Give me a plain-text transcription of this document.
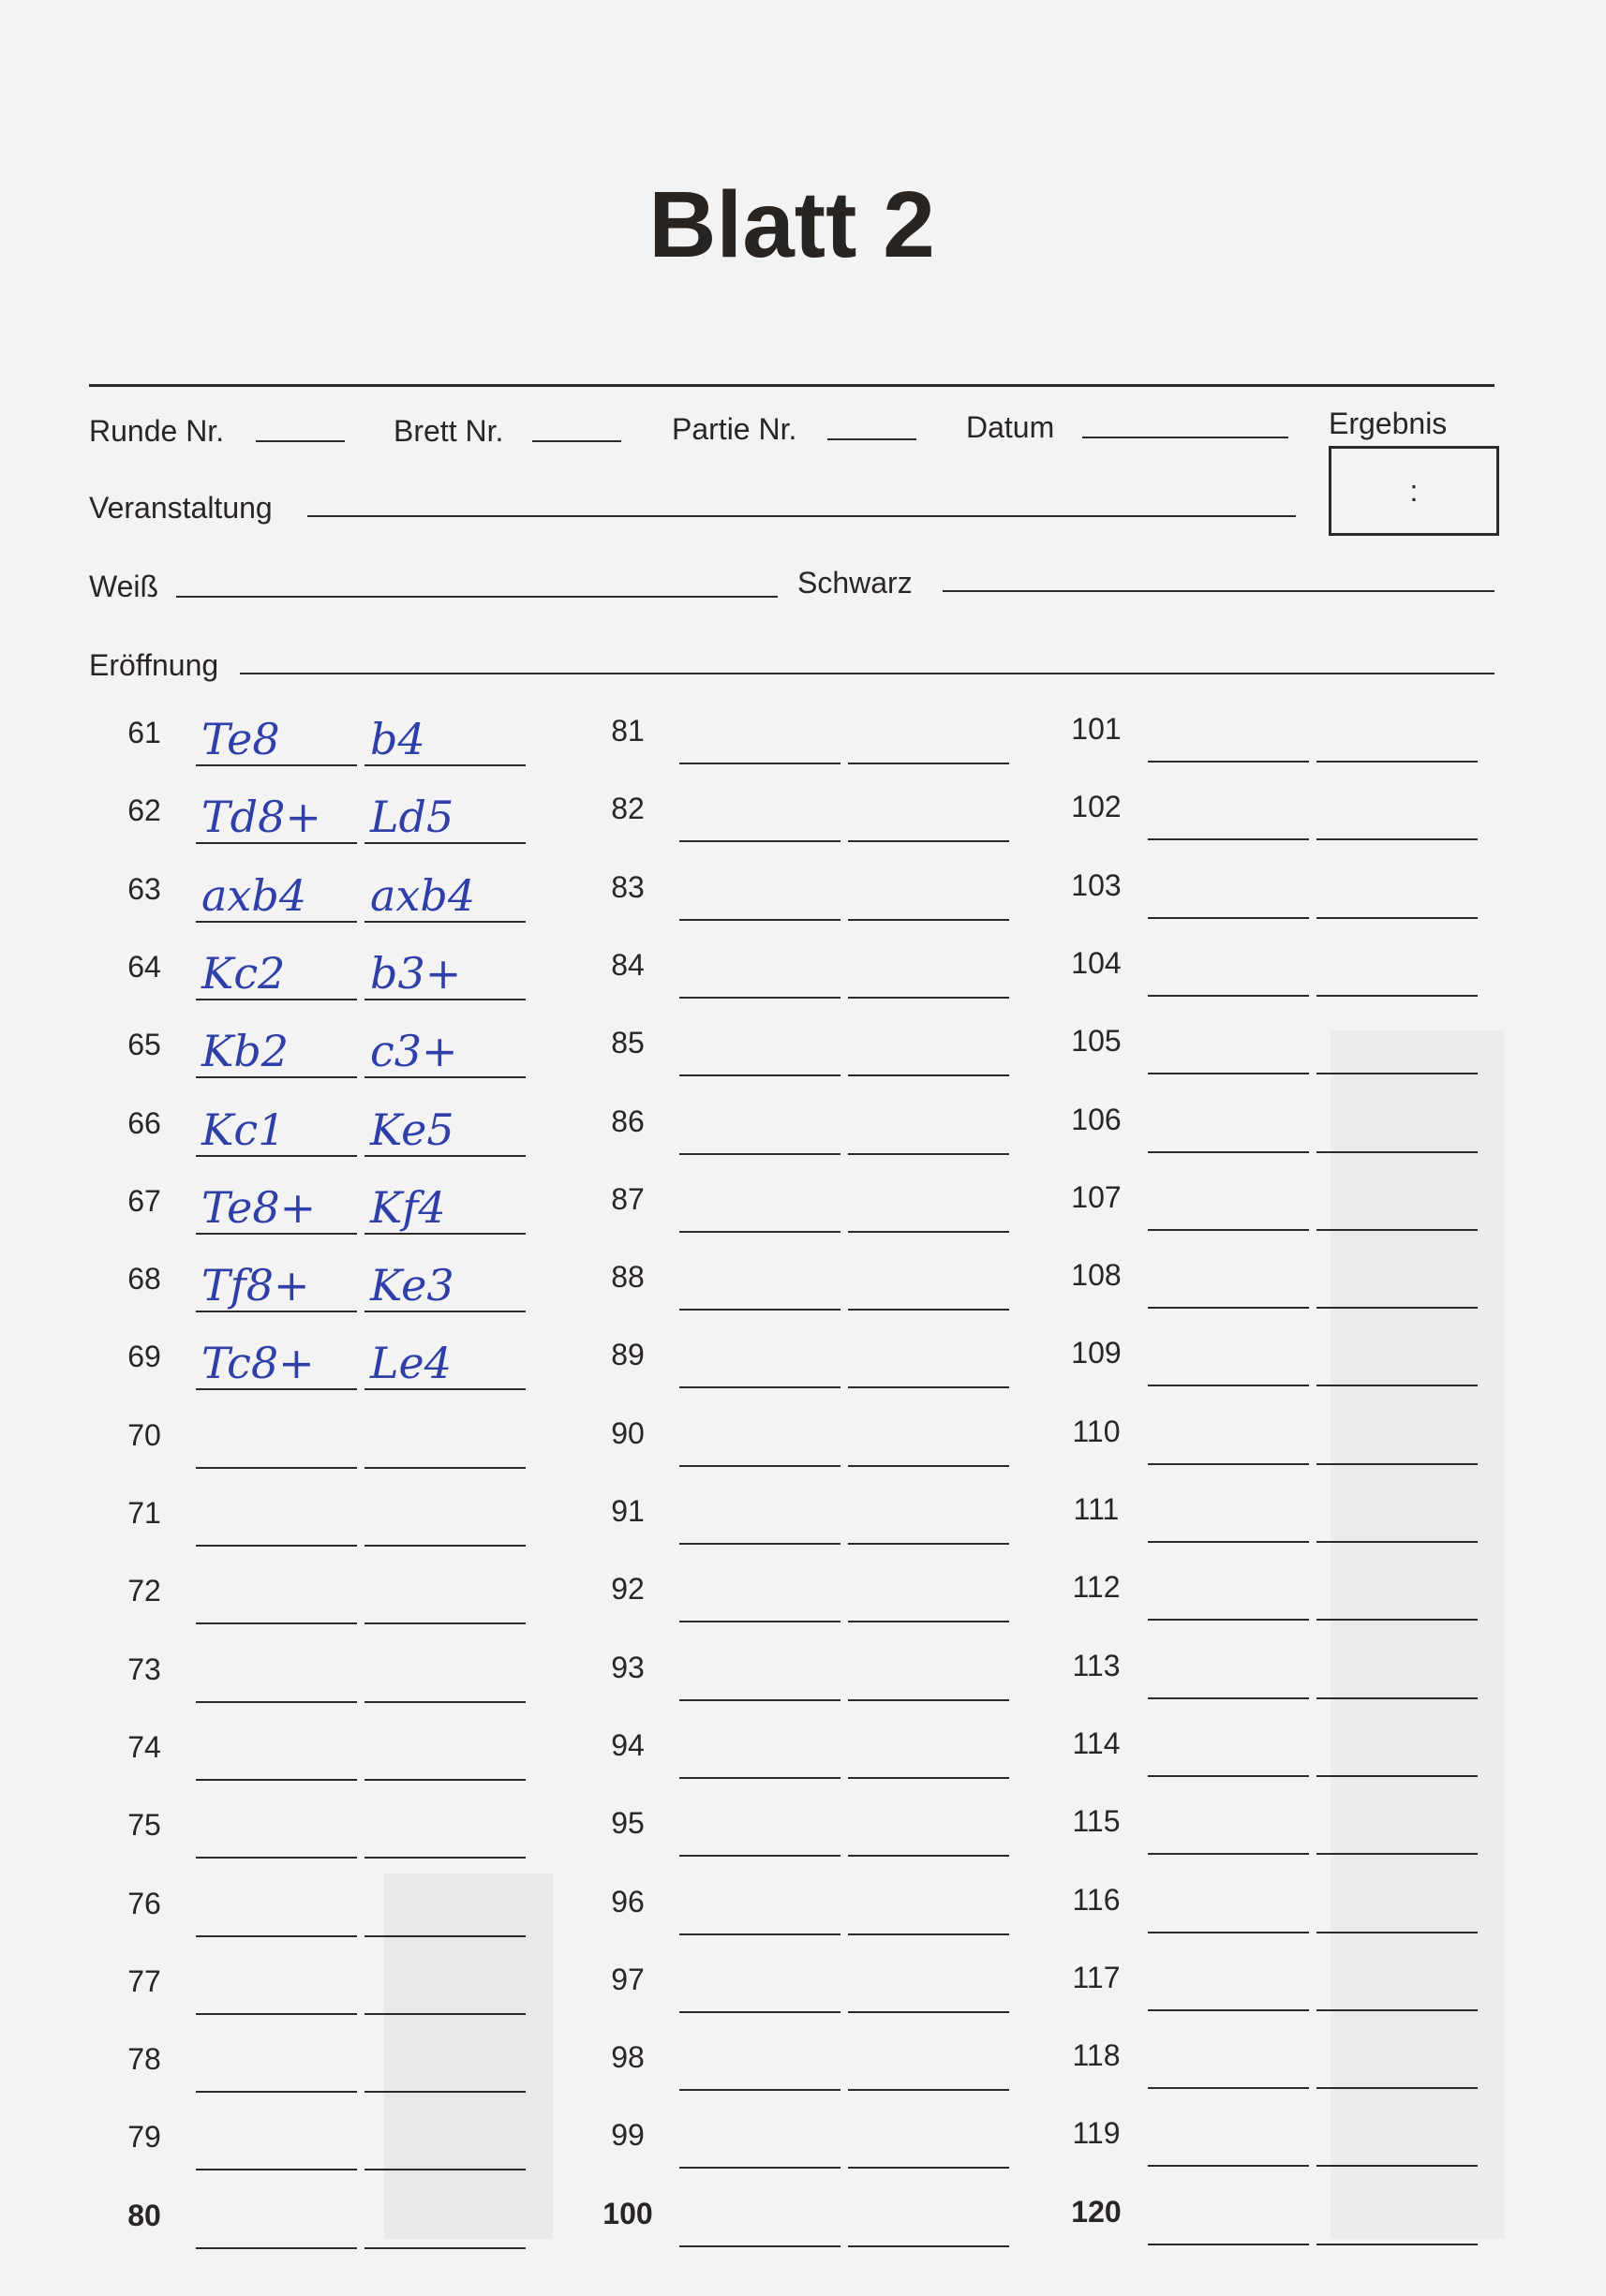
Blatt 2
Runde Nr.	Brett Nr.	Partie Nr.	Datum	Ergebnis
:
Veranstaltung
Weiß	Schwarz
Eröffnung
61 Te8 b4
62 Td8+ Ld5
63 axb4 axb4
64 Kc2 b3+
65 Kb2 c3+
66 Kc1 Ke5
67 Te8+ Kf4
68 Tf8+ Ke3
69 Tc8+ Le4
70
71
72
73
74
75
76
77
78
79
80
81
82
83
84
85
86
87
88
89
90
91
92
93
94
95
96
97
98
99
100
101
102
103
104
105
106
107
108
109
110
111
112
113
114
115
116
117
118
119
120
